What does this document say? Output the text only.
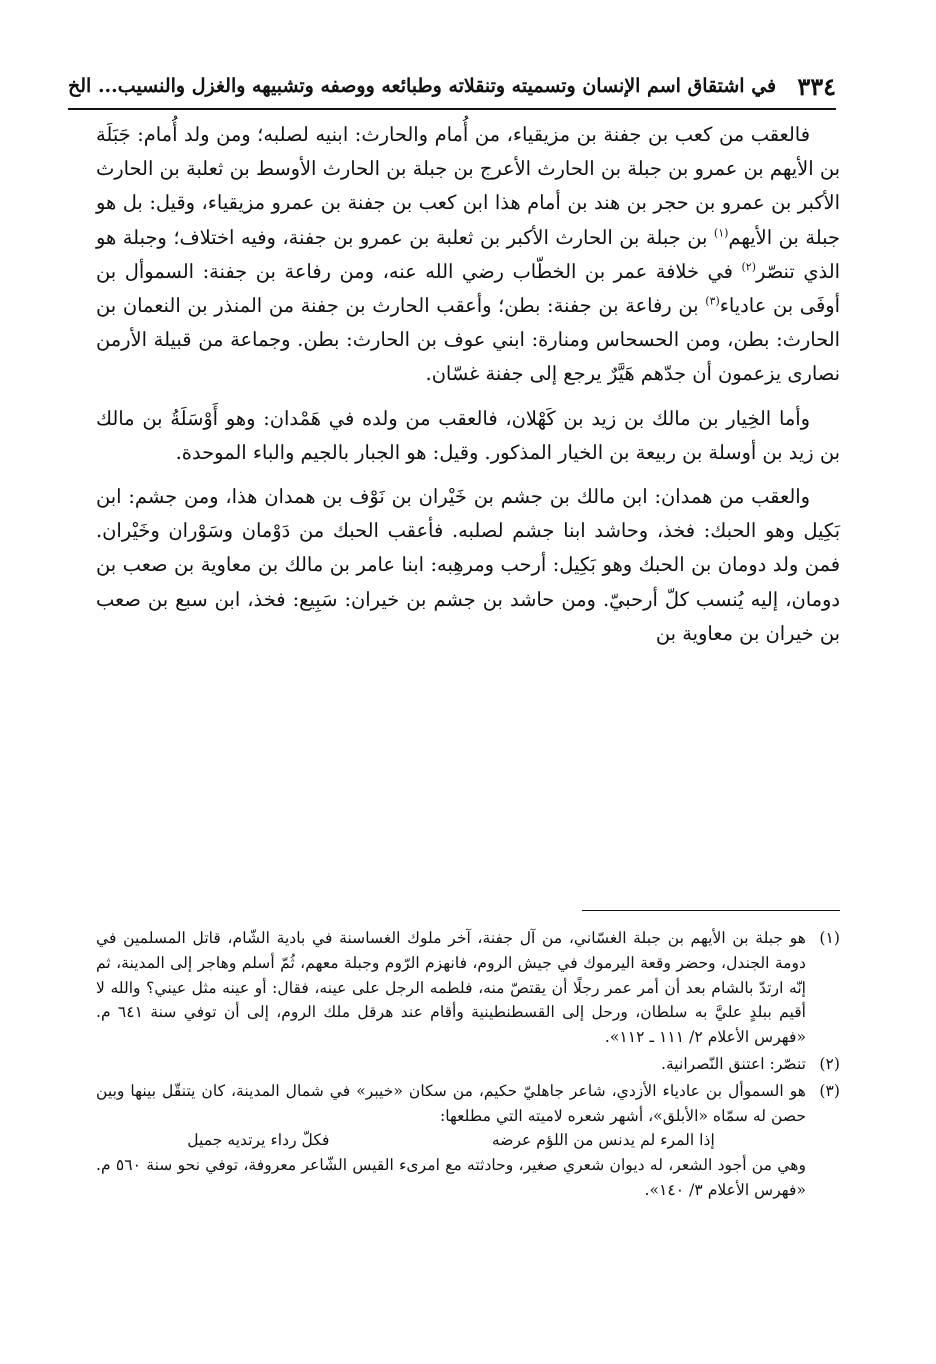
٣٣٤
في اشتقاق اسم الإنسان وتسميته وتنقلاته وطبائعه ووصفه وتشبيهه والغزل والنسيب... الخ

فالعقب من كعب بن جفنة بن مزيقياء، من أُمام والحارث: ابنيه لصلبه؛ ومن ولد أُمام: جَبَلَة بن الأيهم بن عمرو بن جبلة بن الحارث الأعرج بن جبلة بن الحارث الأوسط بن ثعلبة بن الحارث الأكبر بن عمرو بن حجر بن هند بن أمام هذا ابن كعب بن جفنة بن عمرو مزيقياء، وقيل: بل هو جبلة بن الأيهم$^{(١)}$ بن جبلة بن الحارث الأكبر بن ثعلبة بن عمرو بن جفنة، وفيه اختلاف؛ وجبلة هو الذي تنصّر$^{(٢)}$ في خلافة عمر بن الخطّاب رضي الله عنه، ومن رفاعة بن جفنة: السموأل بن أوفَى بن عادياء$^{(٣)}$ بن رفاعة بن جفنة: بطن؛ وأعقب الحارث بن جفنة من المنذر بن النعمان بن الحارث: بطن، ومن الحسحاس ومنارة: ابني عوف بن الحارث: بطن. وجماعة من قبيلة الأرمن نصارى يزعمون أن جدّهم هَيَّرٌ يرجع إلى جفنة غسّان.

وأما الخِيار بن مالك بن زيد بن كَهْلان، فالعقب من ولده في هَمْدان: وهو أَوْسَلَةُ بن مالك بن زيد بن أوسلة بن ربيعة بن الخيار المذكور. وقيل: هو الجبار بالجيم والباء الموحدة.

والعقب من همدان: ابن مالك بن جشم بن خَيْران بن نَوْف بن همدان هذا، ومن جشم: ابن بَكِيل وهو الحبك: فخذ، وحاشد ابنا جشم لصلبه. فأعقب الحبك من دَوْمان وسَوْران وخَيْران. فمن ولد دومان بن الحبك وهو بَكِيل: أرحب ومرهِبه: ابنا عامر بن مالك بن معاوية بن صعب بن دومان، إليه يُنسب كلّ أرحبيّ. ومن حاشد بن جشم بن خيران: سَبِيع: فخذ، ابن سبع بن صعب بن خيران بن معاوية بن

(١)
هو جبلة بن الأيهم بن جبلة الغسّاني، من آل جفنة، آخر ملوك الغساسنة في بادية الشّام، قاتل المسلمين في دومة الجندل، وحضر وقعة اليرموك في جيش الروم، فانهزم الرّوم وجبلة معهم، ثُمّ أسلم وهاجر إلى المدينة، ثم إنّه ارتدّ بالشام بعد أن أمر عمر رجلًا أن يقتصّ منه، فلطمه الرجل على عينه، فقال: أو عينه مثل عيني؟ والله لا أقيم ببلدٍ عليَّ به سلطان، ورحل إلى القسطنطينية وأقام عند هرقل ملك الروم، إلى أن توفي سنة ٦٤١ م. «فهرس الأعلام ٢/ ١١١ ـ ١١٢».
(٢)
تنصّر: اعتنق النّصرانية.
(٣)
هو السموأل بن عادياء الأزدي، شاعر جاهليّ حكيم، من سكان «خيبر» في شمال المدينة، كان يتنقّل بينها وبين حصن له سمّاه «الأبلق»، أشهر شعره لاميته التي مطلعها:
إذا المرء لم يدنس من اللؤم عرضه
فكلّ رداء يرتديه جميل
وهي من أجود الشعر، له ديوان شعري صغير، وحادثته مع امرىء القيس الشّاعر معروفة، توفي نحو سنة ٥٦٠ م. «فهرس الأعلام ٣/ ١٤٠».
